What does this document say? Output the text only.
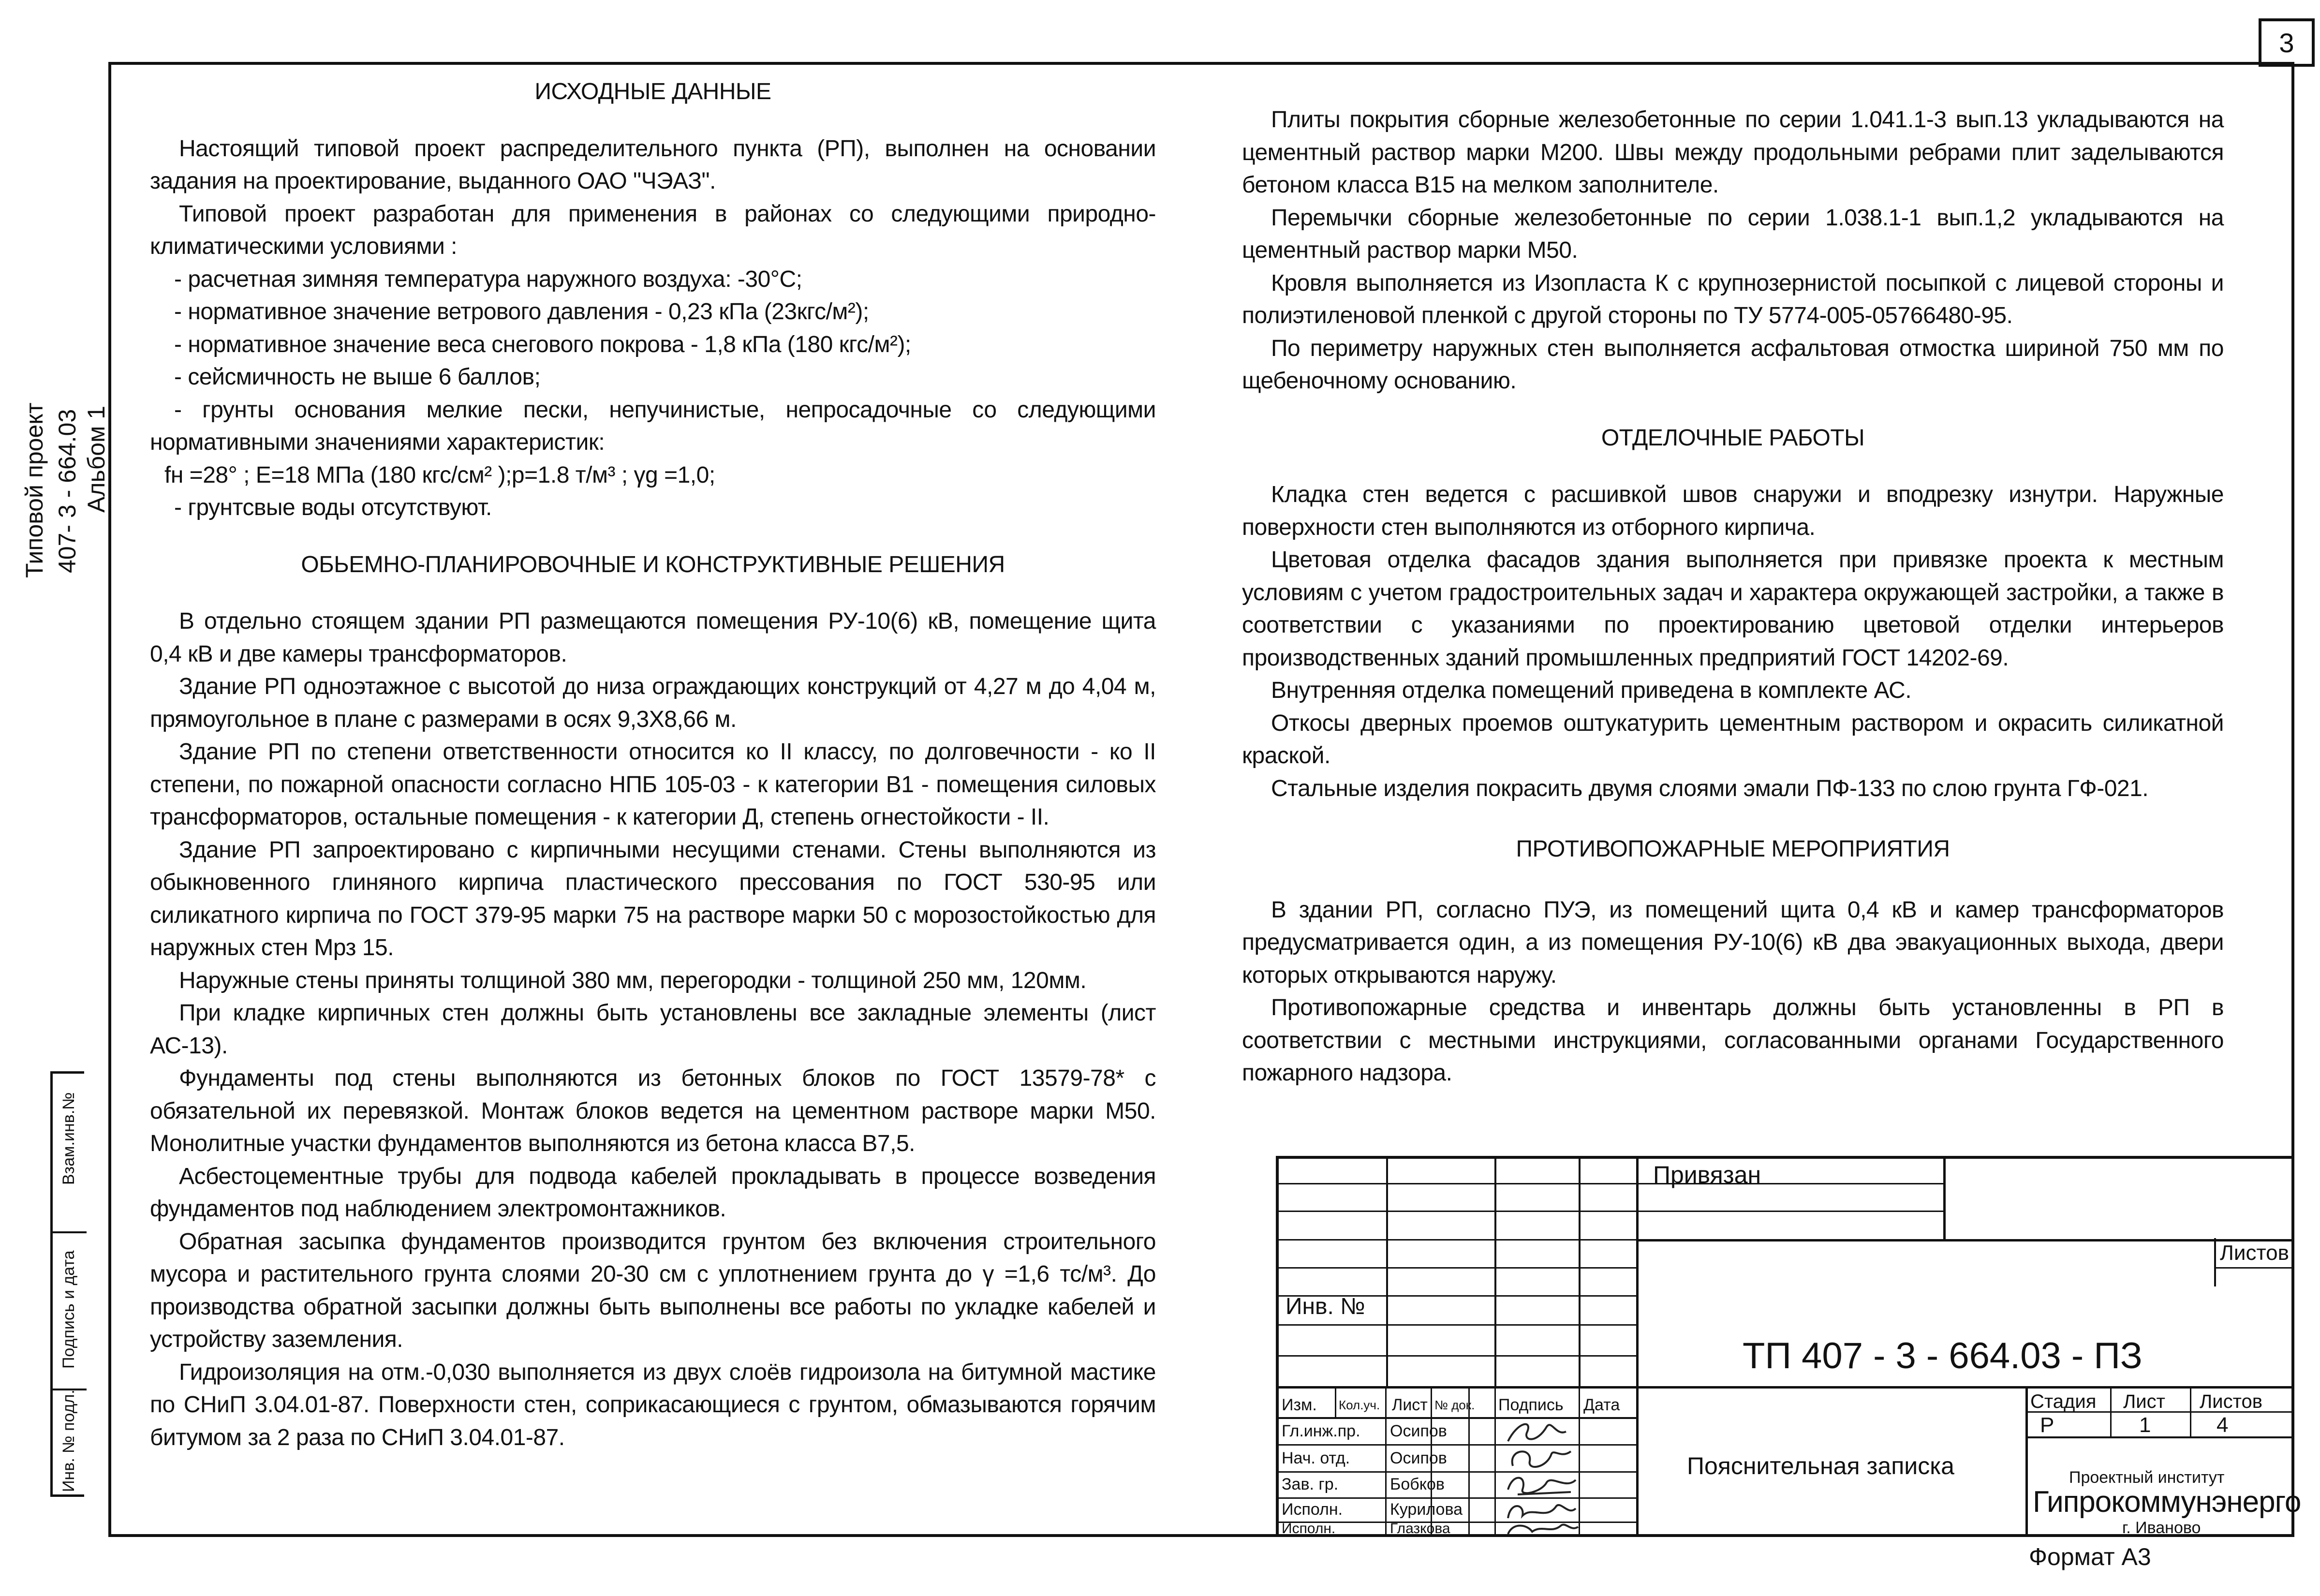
3
Типовой проект 407- 3 - 664.03 Альбом 1
Взам.инв.№
Подпись и дата
Инв. № подл.

ИСХОДНЫЕ ДАННЫЕ

Настоящий типовой проект распределительного пункта (РП), выполнен на основании задания на проектирование, выданного ОАО "ЧЭАЗ".

Типовой проект разработан для применения в районах со следующими природно-климатическими условиями :

- расчетная зимняя температура наружного воздуха: -30°С;

- нормативное значение ветрового давления - 0,23 кПа (23кгс/м²);

- нормативное значение веса снегового покрова - 1,8 кПа (180 кгс/м²);

- сейсмичность не выше 6 баллов;

- грунты основания мелкие пески, непучинистые, непросадочные со следующими нормативными значениями характеристик:

fн =28° ; E=18 МПа (180 кгс/см² );p=1.8 т/м³ ; γg =1,0;

- грунтсвые воды отсутствуют.

ОБЬЕМНО-ПЛАНИРОВОЧНЫЕ И КОНСТРУКТИВНЫЕ РЕШЕНИЯ

В отдельно стоящем здании РП размещаются помещения РУ-10(6) кВ, помещение щита 0,4 кВ и две камеры трансформаторов.

Здание РП одноэтажное с высотой до низа ограждающих конструкций от 4,27 м до 4,04 м, прямоугольное в плане с размерами в осях 9,3Х8,66 м.

Здание РП по степени ответственности относится ко II классу, по долговечности - ко II степени, по пожарной опасности согласно НПБ 105-03 - к категории В1 - помещения силовых трансформаторов, остальные помещения - к категории Д, степень огнестойкости - II.

Здание РП запроектировано с кирпичными несущими стенами. Стены выполняются из обыкновенного глиняного кирпича пластического прессования по ГОСТ 530-95 или силикатного кирпича по ГОСТ 379-95 марки 75 на растворе марки 50 с морозостойкостью для наружных стен Мрз 15.

Наружные стены приняты толщиной 380 мм, перегородки - толщиной 250 мм, 120мм.

При кладке кирпичных стен должны быть установлены все закладные элементы (лист АС-13).

Фундаменты под стены выполняются из бетонных блоков по ГОСТ 13579-78* с обязательной их перевязкой. Монтаж блоков ведется на цементном растворе марки М50. Монолитные участки фундаментов выполняются из бетона класса В7,5.

Асбестоцементные трубы для подвода кабелей прокладывать в процессе возведения фундаментов под наблюдением электромонтажников.

Обратная засыпка фундаментов производится грунтом без включения строительного мусора и растительного грунта слоями 20-30 см с уплотнением грунта до γ =1,6 тс/м³. До производства обратной засыпки должны быть выполнены все работы по укладке кабелей и устройству заземления.

Гидроизоляция на отм.-0,030 выполняется из двух слоёв гидроизола на битумной мастике по СНиП 3.04.01-87. Поверхности стен, соприкасающиеся с грунтом, обмазываются горячим битумом за 2 раза по СНиП 3.04.01-87.

Плиты покрытия сборные железобетонные по серии 1.041.1-3 вып.13 укладываются на цементный раствор марки М200. Швы между продольными ребрами плит заделываются бетоном класса В15 на мелком заполнителе.

Перемычки сборные железобетонные по серии 1.038.1-1 вып.1,2 укладываются на цементный раствор марки М50.

Кровля выполняется из Изопласта К с крупнозернистой посыпкой с лицевой стороны и полиэтиленовой пленкой с другой стороны по ТУ 5774-005-05766480-95.

По периметру наружных стен выполняется асфальтовая отмостка шириной 750 мм по щебеночному основанию.

ОТДЕЛОЧНЫЕ РАБОТЫ

Кладка стен ведется с расшивкой швов снаружи и вподрезку изнутри. Наружные поверхности стен выполняются из отборного кирпича.

Цветовая отделка фасадов здания выполняется при привязке проекта к местным условиям с учетом градостроительных задач и характера окружающей застройки, а также в соответствии с указаниями по проектированию цветовой отделки интерьеров производственных зданий промышленных предприятий ГОСТ 14202-69.

Внутренняя отделка помещений приведена в комплекте АС.

Откосы дверных проемов оштукатурить цементным раствором и окрасить силикатной краской.

Стальные изделия покрасить двумя слоями эмали ПФ-133 по слою грунта ГФ-021.

ПРОТИВОПОЖАРНЫЕ МЕРОПРИЯТИЯ

В здании РП, согласно ПУЭ, из помещений щита 0,4 кВ и камер трансформаторов предусматривается один, а из помещения РУ-10(6) кВ два эвакуационных выхода, двери которых открываются наружу.

Противопожарные средства и инвентарь должны быть установленны в РП в соответствии с местными инструкциями, согласованными органами Государственного пожарного надзора.

Привязан
Листов
Инв. №
ТП 407 - 3 - 664.03 - ПЗ
Изм. Кол.уч. Лист № док. Подпись Дата
Гл.инж.пр. Осипов
Нач. отд. Осипов
Зав. гр.	Бобков
Исполн.	Курилова
Исполн.	Глазкова
Пояснительная записка
Стадия Лист Листов
Р	1	4
Проектный институт
Гипрокоммунэнерго
г. Иваново
Формат А3
